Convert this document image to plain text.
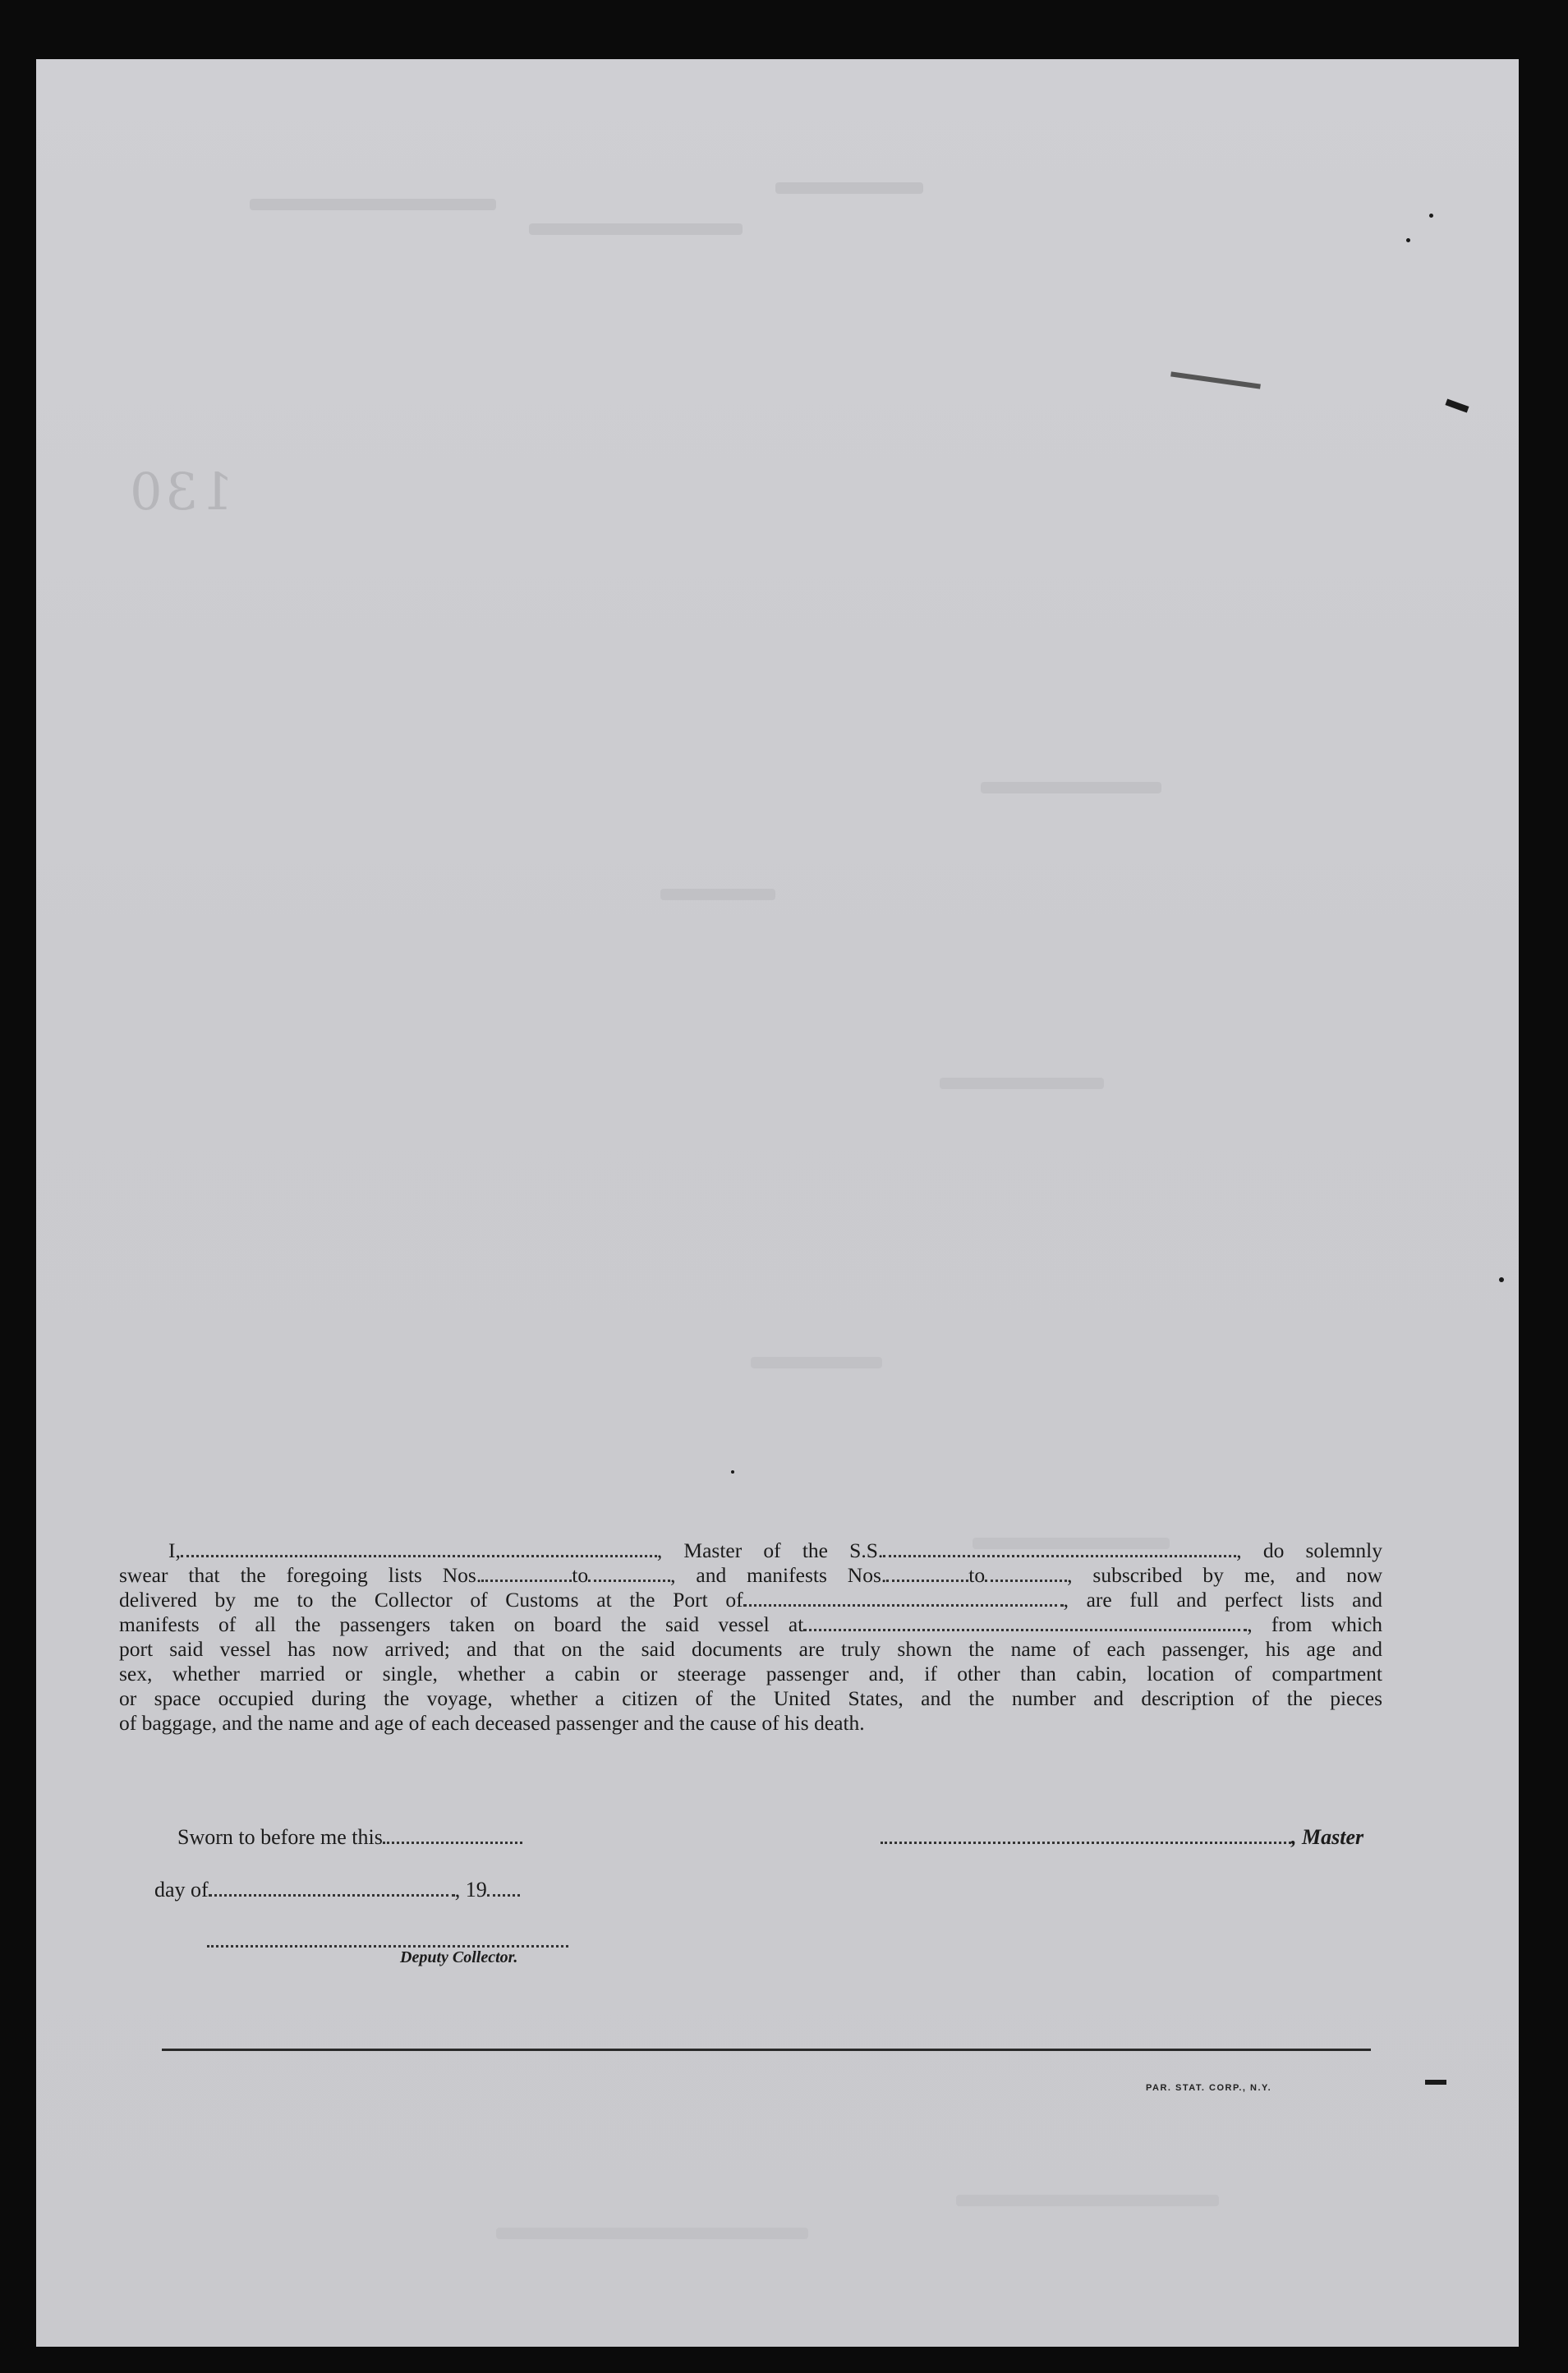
130
I,	, Master of the S.S.	, do solemnly
swear that the foregoing lists Nos.	to	, and manifests Nos.	to	, subscribed by me, and now
delivered by me to the Collector of Customs at the Port of	, are full and perfect lists and
manifests of all the passengers taken on board the said vessel at	, from which
port said vessel has now arrived; and that on the said documents are truly shown the name of each passenger, his age and
sex, whether married or single, whether a cabin or steerage passenger and, if other than cabin, location of compartment
or space occupied during the voyage, whether a citizen of the United States, and the number and description of the pieces
of baggage, and the name and age of each deceased passenger and the cause of his death.
Sworn to before me this	, Master
day of	, 19
Deputy Collector.
PAR. STAT. CORP., N.Y.
